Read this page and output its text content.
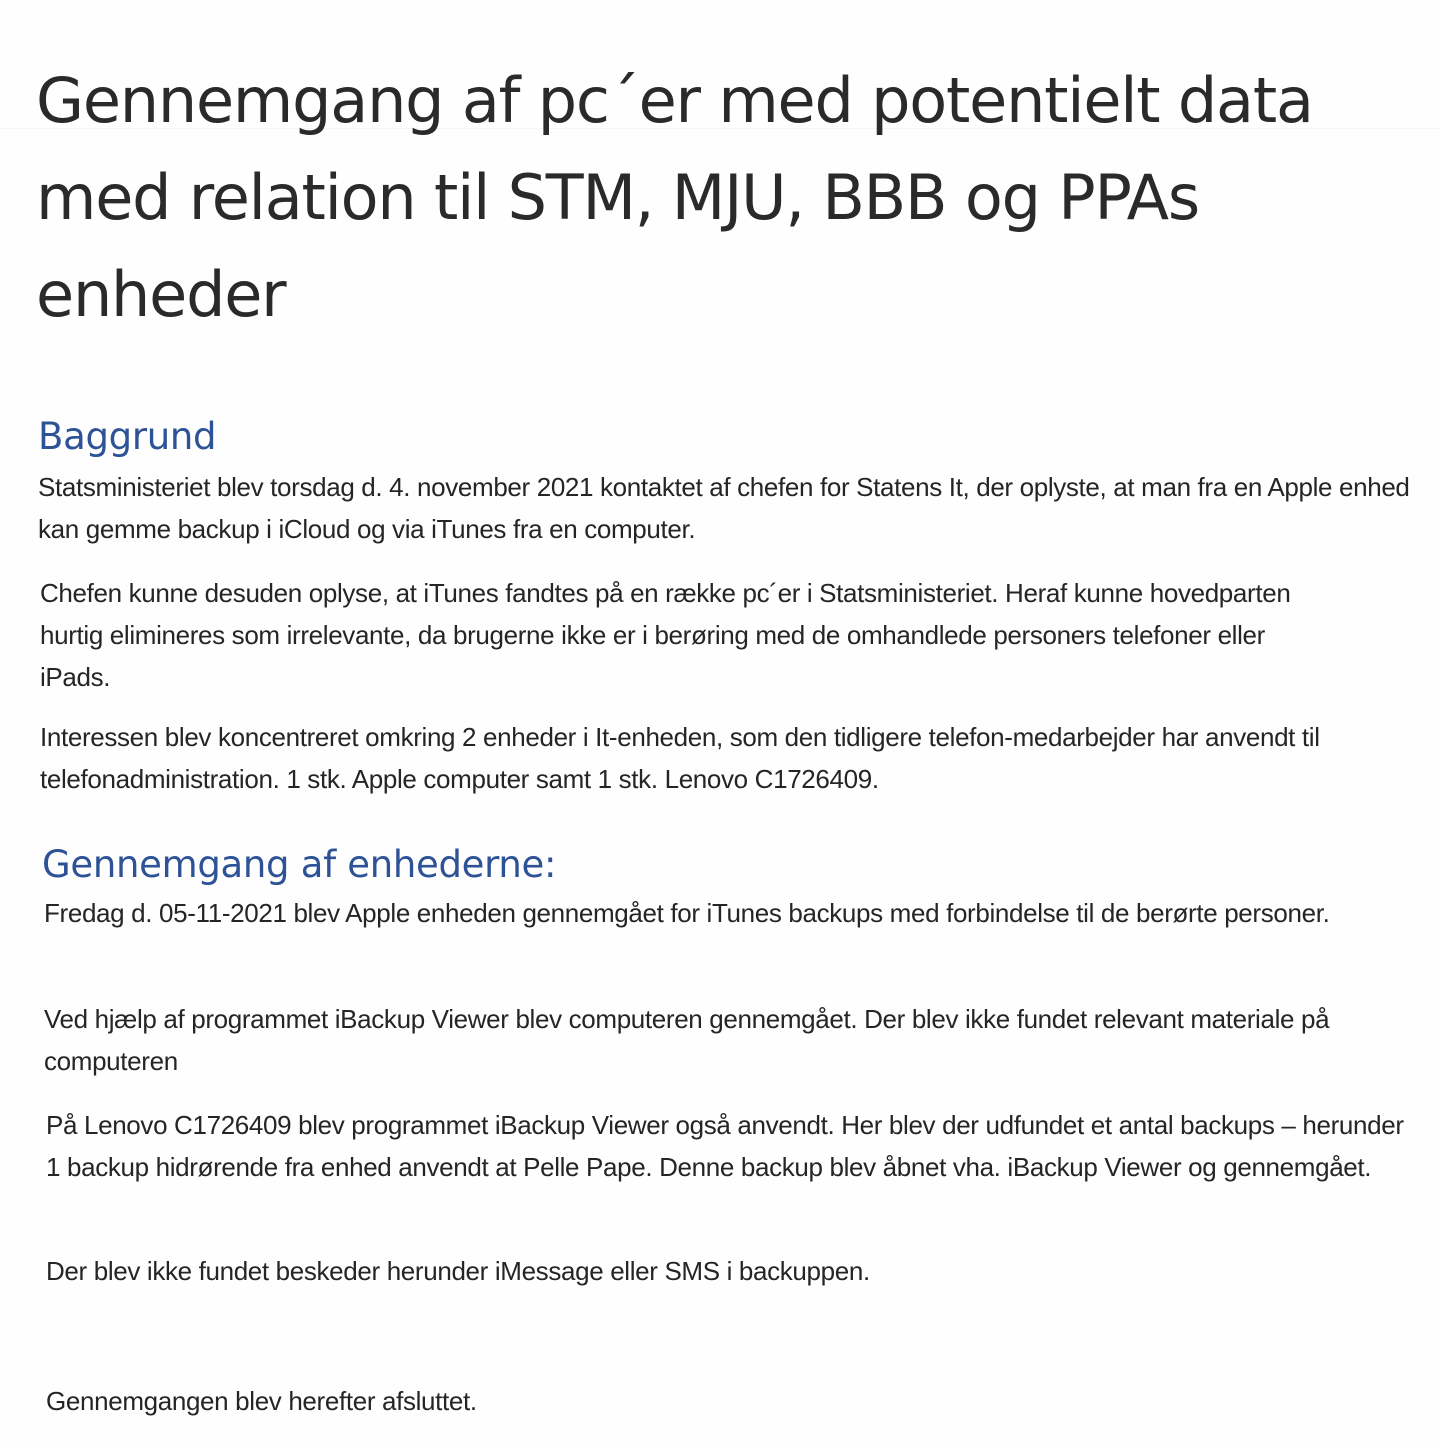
Gennemgang af pc´er med potentielt data med relation til STM, MJU, BBB og PPAs enheder
Baggrund

Statsministeriet blev torsdag d. 4. november 2021 kontaktet af chefen for Statens It, der oplyste, at man fra en Apple enhed kan gemme backup i iCloud og via iTunes fra en computer.

Chefen kunne desuden oplyse, at iTunes fandtes på en række pc´er i Statsministeriet. Heraf kunne hovedparten hurtig elimineres som irrelevante, da brugerne ikke er i berøring med de omhandlede personers telefoner eller iPads.

Interessen blev koncentreret omkring 2 enheder i It-enheden, som den tidligere telefon-medarbejder har anvendt til telefonadministration. 1 stk. Apple computer samt 1 stk. Lenovo C1726409.

Gennemgang af enhederne:

Fredag d. 05-11-2021 blev Apple enheden gennemgået for iTunes backups med forbindelse til de berørte personer.

Ved hjælp af programmet iBackup Viewer blev computeren gennemgået. Der blev ikke fundet relevant materiale på computeren

På Lenovo C1726409 blev programmet iBackup Viewer også anvendt. Her blev der udfundet et antal backups – herunder 1 backup hidrørende fra enhed anvendt at Pelle Pape. Denne backup blev åbnet vha. iBackup Viewer og gennemgået.

Der blev ikke fundet beskeder herunder iMessage eller SMS i backuppen.

Gennemgangen blev herefter afsluttet.
